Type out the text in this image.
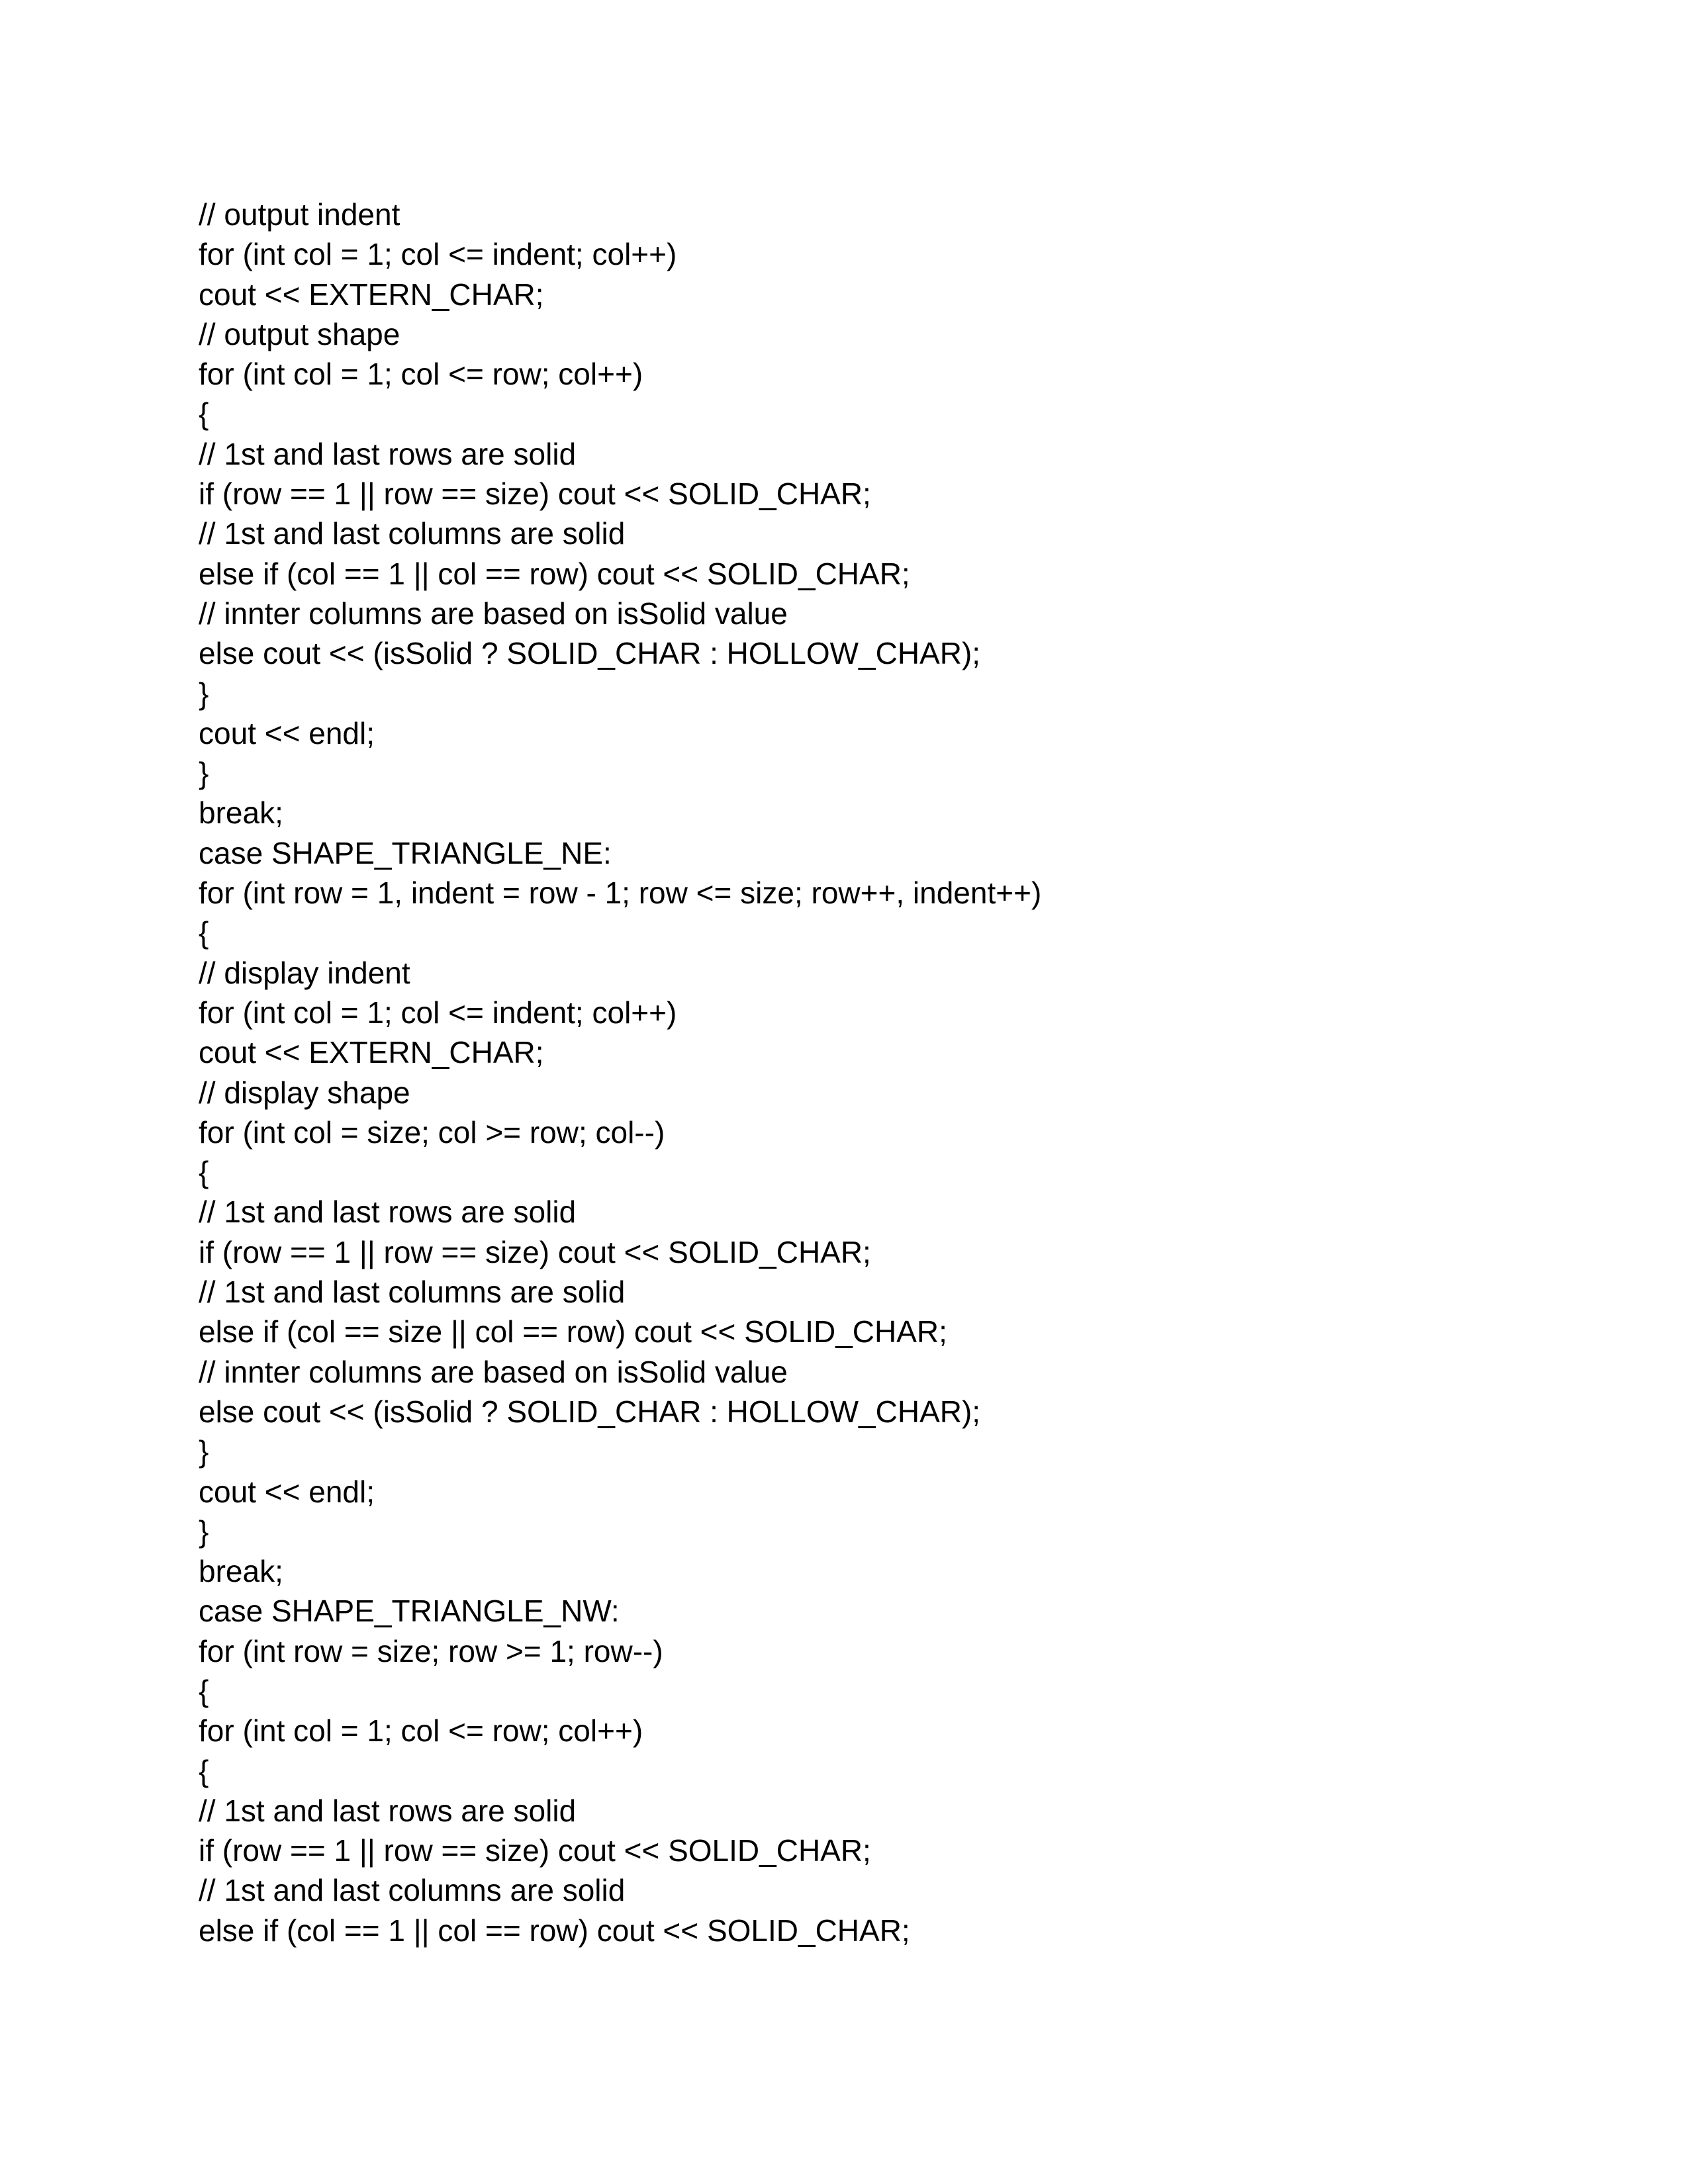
// output indent
for (int col = 1; col <= indent; col++)
cout << EXTERN_CHAR;
// output shape
for (int col = 1; col <= row; col++)
{
// 1st and last rows are solid
if (row == 1 || row == size) cout << SOLID_CHAR;
// 1st and last columns are solid
else if (col == 1 || col == row) cout << SOLID_CHAR;
// innter columns are based on isSolid value
else cout << (isSolid ? SOLID_CHAR : HOLLOW_CHAR);
}
cout << endl;
}
break;
case SHAPE_TRIANGLE_NE:
for (int row = 1, indent = row - 1; row <= size; row++, indent++)
{
// display indent
for (int col = 1; col <= indent; col++)
cout << EXTERN_CHAR;
// display shape
for (int col = size; col >= row; col--)
{
// 1st and last rows are solid
if (row == 1 || row == size) cout << SOLID_CHAR;
// 1st and last columns are solid
else if (col == size || col == row) cout << SOLID_CHAR;
// innter columns are based on isSolid value
else cout << (isSolid ? SOLID_CHAR : HOLLOW_CHAR);
}
cout << endl;
}
break;
case SHAPE_TRIANGLE_NW:
for (int row = size; row >= 1; row--)
{
for (int col = 1; col <= row; col++)
{
// 1st and last rows are solid
if (row == 1 || row == size) cout << SOLID_CHAR;
// 1st and last columns are solid
else if (col == 1 || col == row) cout << SOLID_CHAR;
